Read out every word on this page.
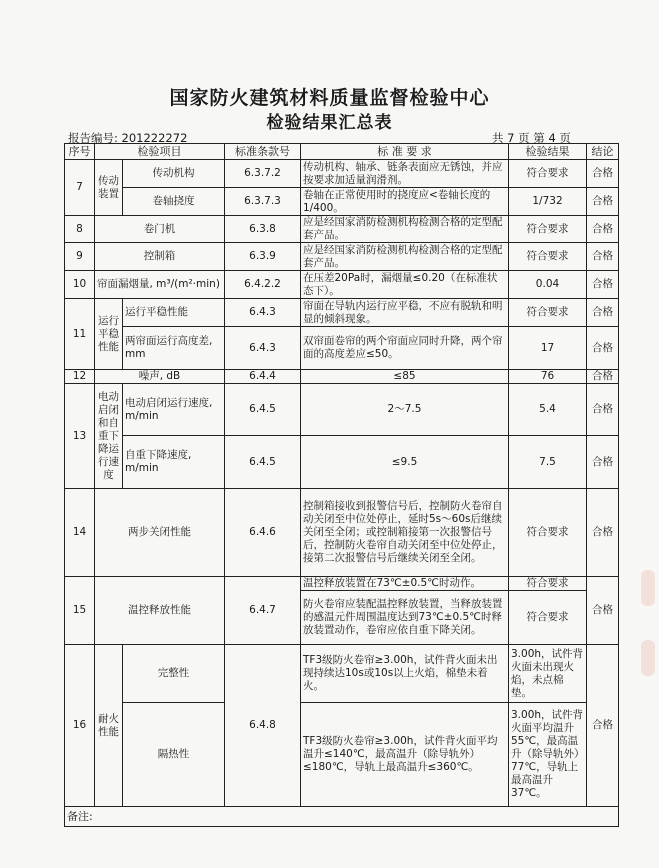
国家防火建筑材料质量监督检验中心
检验结果汇总表
报告编号: 201222272	共 7 页 第 4 页
序号	检验项目		标准条款号	标 准 要 求	检验结果	结论
7	传动装置	传动机构	6.3.7.2	传动机构、轴承、链条表面应无锈蚀，并应按要求加适量润滑剂。	符合要求	合格
		卷轴挠度	6.3.7.3	卷轴在正常使用时的挠度应<卷轴长度的1/400。	1/732	合格
8	卷门机		6.3.8	应是经国家消防检测机构检测合格的定型配套产品。	符合要求	合格
9	控制箱		6.3.9	应是经国家消防检测机构检测合格的定型配套产品。	符合要求	合格
10	帘面漏烟量, m³/(m²·min)		6.4.2.2	在压差20Pa时，漏烟量≤0.20（在标准状态下）。	0.04	合格
11	运行平稳性能	运行平稳性能	6.4.3	帘面在导轨内运行应平稳，不应有脱轨和明显的倾斜现象。	符合要求	合格
		两帘面运行高度差, mm	6.4.3	双帘面卷帘的两个帘面应同时升降，两个帘面的高度差应≤50。	17	合格
12	噪声, dB		6.4.4	≤85	76	合格
13	电动启闭和自重下降运行速度	电动启闭运行速度, m/min	6.4.5	2～7.5	5.4	合格
		自重下降速度, m/min	6.4.5	≤9.5	7.5	合格
14	两步关闭性能		6.4.6	控制箱接收到报警信号后，控制防火卷帘自动关闭至中位处停止，延时5s～60s后继续关闭至全闭；或控制箱接第一次报警信号后，控制防火卷帘自动关闭至中位处停止，接第二次报警信号后继续关闭至全闭。	符合要求	合格
15	温控释放性能		6.4.7	温控释放装置在73℃±0.5℃时动作。	符合要求	合格
				防火卷帘应装配温控释放装置，当释放装置的感温元件周围温度达到73℃±0.5℃时释放装置动作，卷帘应依自重下降关闭。	符合要求	
16	耐火性能	完整性	6.4.8	TF3级防火卷帘≥3.00h，试件背火面未出现持续达10s或10s以上火焰，棉垫未着火。	3.00h，试件背火面未出现火焰，未点棉垫。	合格
		隔热性		TF3级防火卷帘≥3.00h，试件背火面平均温升≤140℃，最高温升（除导轨外）≤180℃，导轨上最高温升≤360℃。	3.00h，试件背火面平均温升55℃，最高温升（除导轨外）77℃，导轨上最高温升37℃。	
备注:						
